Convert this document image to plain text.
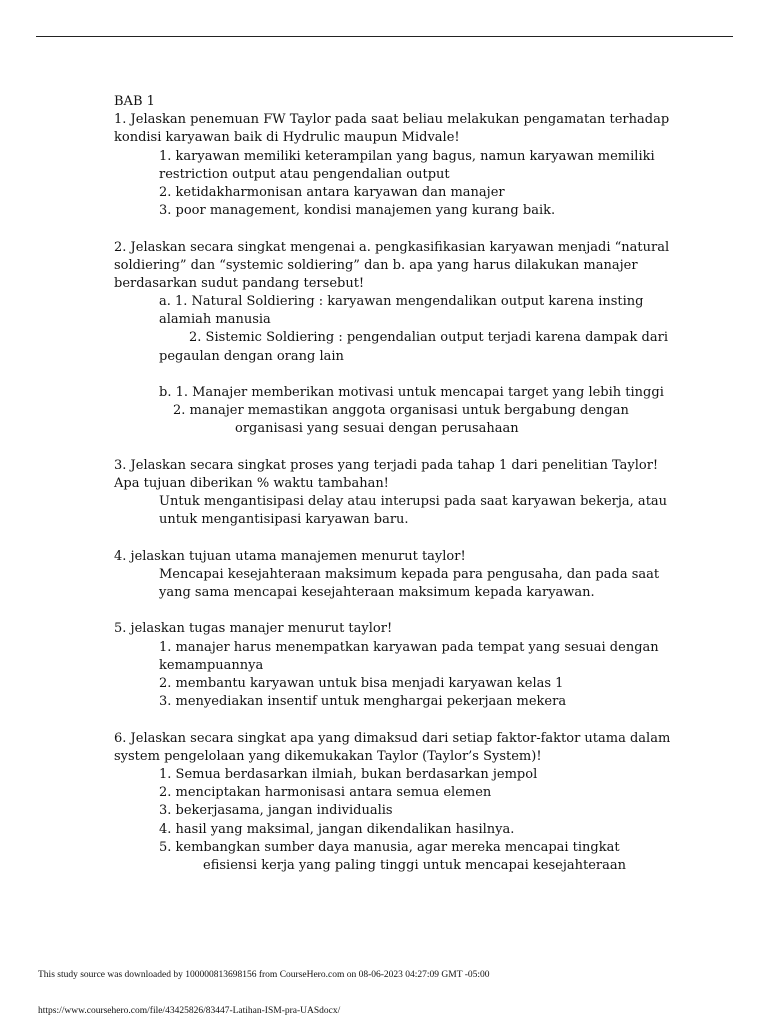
BAB 1
1. Jelaskan penemuan FW Taylor pada saat beliau melakukan pengamatan terhadap
kondisi karyawan baik di Hydrulic maupun Midvale!
1. karyawan memiliki keterampilan yang bagus, namun karyawan memiliki
restriction output atau pengendalian output
2. ketidakharmonisan antara karyawan dan manajer
3. poor management, kondisi manajemen yang kurang baik.
2. Jelaskan secara singkat mengenai a. pengkasifikasian karyawan menjadi “natural
soldiering” dan “systemic soldiering” dan b. apa yang harus dilakukan manajer
berdasarkan sudut pandang tersebut!
a. 1. Natural Soldiering : karyawan mengendalikan output karena insting
alamiah manusia
2. Sistemic Soldiering : pengendalian output terjadi karena dampak dari
pegaulan dengan orang lain
b. 1. Manajer memberikan motivasi untuk mencapai target yang lebih tinggi
2. manajer memastikan anggota organisasi untuk bergabung dengan
organisasi yang sesuai dengan perusahaan
3. Jelaskan secara singkat proses yang terjadi pada tahap 1 dari penelitian Taylor!
Apa tujuan diberikan % waktu tambahan!
Untuk mengantisipasi delay atau interupsi pada saat karyawan bekerja, atau
untuk mengantisipasi karyawan baru.
4. jelaskan tujuan utama manajemen menurut taylor!
Mencapai kesejahteraan maksimum kepada para pengusaha, dan pada saat
yang sama mencapai kesejahteraan maksimum kepada karyawan.
5. jelaskan tugas manajer menurut taylor!
1. manajer harus menempatkan karyawan pada tempat yang sesuai dengan
kemampuannya
2. membantu karyawan untuk bisa menjadi karyawan kelas 1
3. menyediakan insentif untuk menghargai pekerjaan mekera
6. Jelaskan secara singkat apa yang dimaksud dari setiap faktor-faktor utama dalam
system pengelolaan yang dikemukakan Taylor (Taylor’s System)!
1. Semua berdasarkan ilmiah, bukan berdasarkan jempol
2. menciptakan harmonisasi antara semua elemen
3. bekerjasama, jangan individualis
4. hasil yang maksimal, jangan dikendalikan hasilnya.
5. kembangkan sumber daya manusia, agar mereka mencapai tingkat
efisiensi kerja yang paling tinggi untuk mencapai kesejahteraan
This study source was downloaded by 100000813698156 from CourseHero.com on 08-06-2023 04:27:09 GMT -05:00
https://www.coursehero.com/file/43425826/83447-Latihan-ISM-pra-UASdocx/
